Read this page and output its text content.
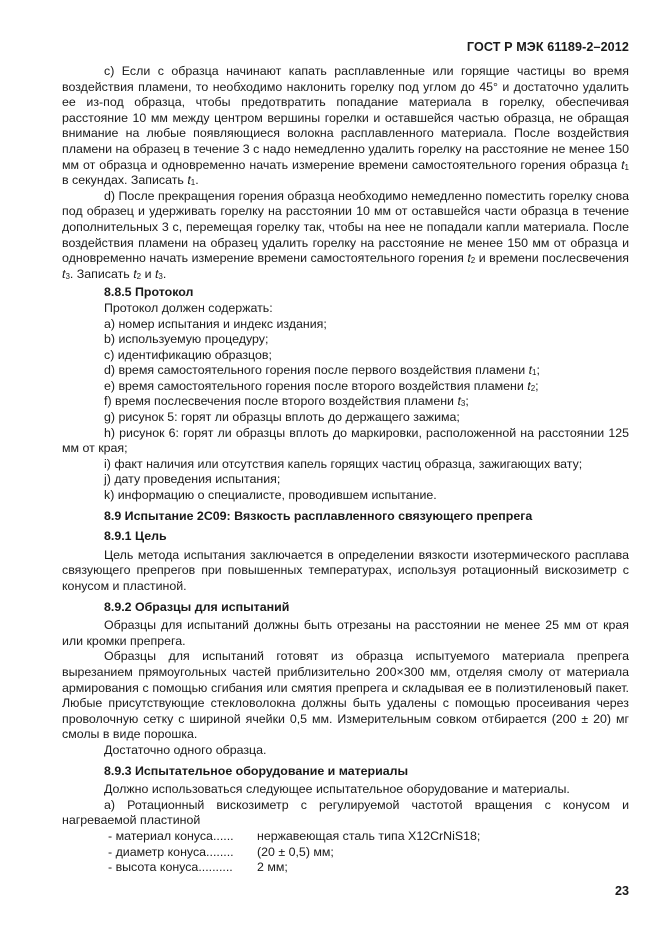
ГОСТ Р МЭК 61189-2–2012

c) Если с образца начинают капать расплавленные или горящие частицы во время воздействия пламени, то необходимо наклонить горелку под углом до 45° и достаточно удалить ее из-под образца, чтобы предотвратить попадание материала в горелку, обеспечивая расстояние 10 мм между центром вершины горелки и оставшейся частью образца, не обращая внимание на любые появляющиеся волокна расплавленного материала. После воздействия пламени на образец в течение 3 с надо немедленно удалить горелку на расстояние не менее 150 мм от образца и одновременно начать измерение времени самостоятельного горения образца $t_1$ в секундах. Записать $t_1$.

d) После прекращения горения образца необходимо немедленно поместить горелку снова под образец и удерживать горелку на расстоянии 10 мм от оставшейся части образца в течение дополнительных 3 с, перемещая горелку так, чтобы на нее не попадали капли материала. После воздействия пламени на образец удалить горелку на расстояние не менее 150 мм от образца и одновременно начать измерение времени самостоятельного горения $t_2$ и времени послесвечения $t_3$. Записать $t_2$ и $t_3$.

8.8.5 Протокол

Протокол должен содержать:

a) номер испытания и индекс издания;

b) используемую процедуру;

c) идентификацию образцов;

d) время самостоятельного горения после первого воздействия пламени $t_1$;

e) время самостоятельного горения после второго воздействия пламени $t_2$;

f) время послесвечения после второго воздействия пламени $t_3$;

g) рисунок 5: горят ли образцы вплоть до держащего зажима;

h) рисунок 6: горят ли образцы вплоть до маркировки, расположенной на расстоянии 125 мм от края;

i) факт наличия или отсутствия капель горящих частиц образца, зажигающих вату;

j) дату проведения испытания;

k) информацию о специалисте, проводившем испытание.

8.9 Испытание 2С09: Вязкость расплавленного связующего препрега

8.9.1 Цель

Цель метода испытания заключается в определении вязкости изотермического расплава связующего препрегов при повышенных температурах, используя ротационный вискозиметр с конусом и пластиной.

8.9.2 Образцы для испытаний

Образцы для испытаний должны быть отрезаны на расстоянии не менее 25 мм от края или кромки препрега.

Образцы для испытаний готовят из образца испытуемого материала препрега вырезанием прямоугольных частей приблизительно 200×300 мм, отделяя смолу от материала армирования с помощью сгибания или смятия препрега и складывая ее в полиэтиленовый пакет. Любые присутствующие стекловолокна должны быть удалены с помощью просеивания через проволочную сетку с шириной ячейки 0,5 мм. Измерительным совком отбирается (200 ± 20) мг смолы в виде порошка.

Достаточно одного образца.

8.9.3 Испытательное оборудование и материалы

Должно использоваться следующее испытательное оборудование и материалы.

a) Ротационный вискозиметр с регулируемой частотой вращения с конусом и нагреваемой пластиной

- материал конуса......	нержавеющая сталь типа X12CrNiS18;
- диаметр конуса........	(20 ± 0,5) мм;
- высота конуса..........	2 мм;
23
